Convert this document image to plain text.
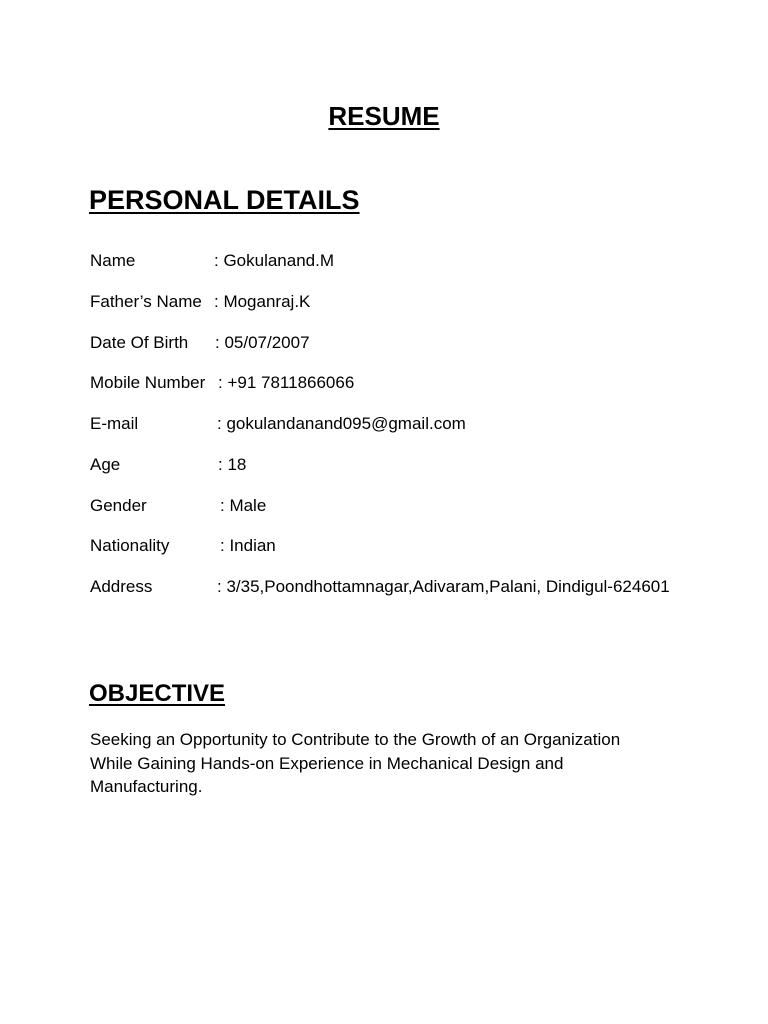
RESUME
PERSONAL DETAILS
Name	: Gokulanand.M
Father’s Name : Moganraj.K
Date Of Birth : 05/07/2007
Mobile Number : +91 7811866066
E-mail	: gokulandanand095@gmail.com
Age	: 18
Gender	: Male
Nationality	: Indian
Address	: 3/35,Poondhottamnagar,Adivaram,Palani, Dindigul-624601
OBJECTIVE

Seeking an Opportunity to Contribute to the Growth of an Organization
While Gaining Hands-on Experience in Mechanical Design and
Manufacturing.
